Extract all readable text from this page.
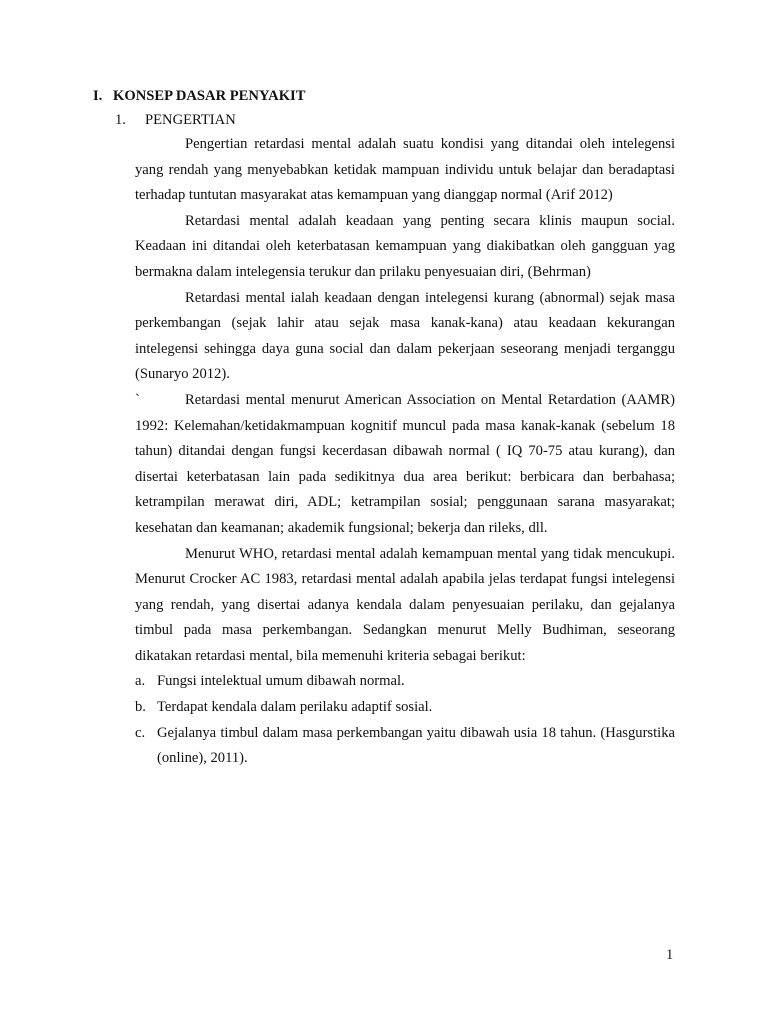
I. KONSEP DASAR PENYAKIT
1. PENGERTIAN

Pengertian retardasi mental adalah suatu kondisi yang ditandai oleh intelegensi yang rendah yang menyebabkan ketidak mampuan individu untuk belajar dan beradaptasi terhadap tuntutan masyarakat atas kemampuan yang dianggap normal (Arif 2012)

Retardasi mental adalah keadaan yang penting secara klinis maupun social. Keadaan ini ditandai oleh keterbatasan kemampuan yang diakibatkan oleh gangguan yag bermakna dalam intelegensia terukur dan prilaku penyesuaian diri, (Behrman)

Retardasi mental ialah keadaan dengan intelegensi kurang (abnormal) sejak masa perkembangan (sejak lahir atau sejak masa kanak-kana) atau keadaan kekurangan intelegensi sehingga daya guna social dan dalam pekerjaan seseorang menjadi terganggu (Sunaryo 2012).

`	Retardasi mental menurut American Association on Mental Retardation (AAMR) 1992: Kelemahan/ketidakmampuan kognitif muncul pada masa kanak-kanak (sebelum 18 tahun) ditandai dengan fungsi kecerdasan dibawah normal ( IQ 70-75 atau kurang), dan disertai keterbatasan lain pada sedikitnya dua area berikut: berbicara dan berbahasa; ketrampilan merawat diri, ADL; ketrampilan sosial; penggunaan sarana masyarakat; kesehatan dan keamanan; akademik fungsional; bekerja dan rileks, dll.

Menurut WHO, retardasi mental adalah kemampuan mental yang tidak mencukupi. Menurut Crocker AC 1983, retardasi mental adalah apabila jelas terdapat fungsi intelegensi yang rendah, yang disertai adanya kendala dalam penyesuaian perilaku, dan gejalanya timbul pada masa perkembangan. Sedangkan menurut Melly Budhiman, seseorang dikatakan retardasi mental, bila memenuhi kriteria sebagai berikut:

a. Fungsi intelektual umum dibawah normal.
b. Terdapat kendala dalam perilaku adaptif sosial.
c. Gejalanya timbul dalam masa perkembangan yaitu dibawah usia 18 tahun. (Hasgurstika (online), 2011).
1
